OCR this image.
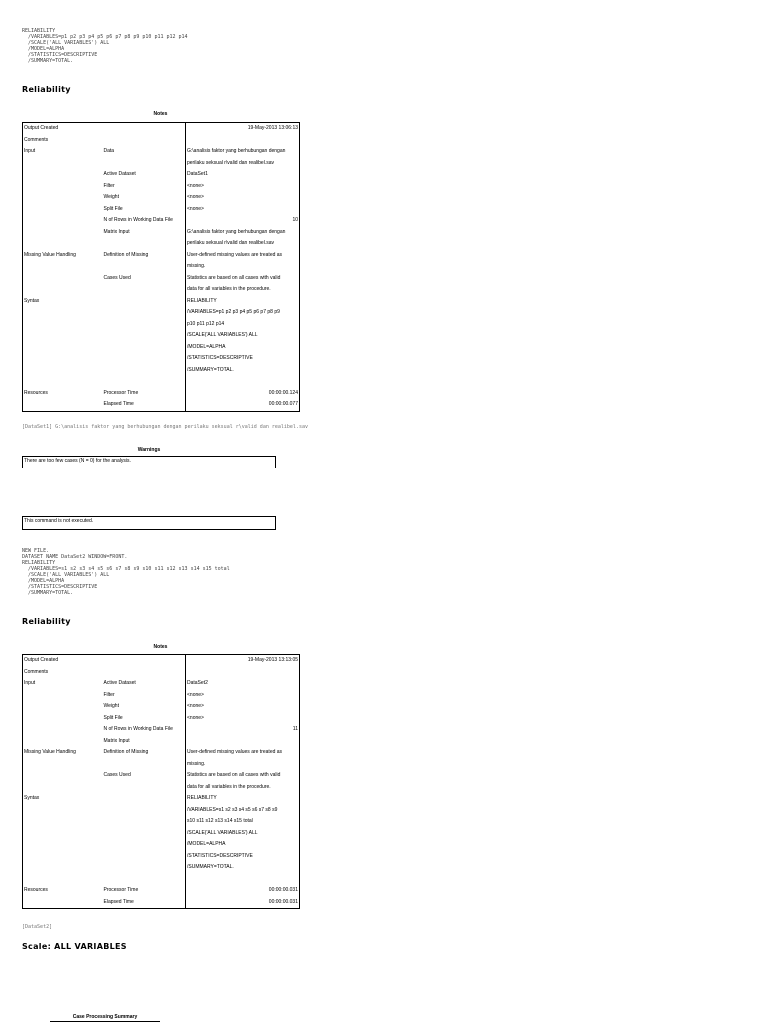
RELIABILITY
/VARIABLES=p1 p2 p3 p4 p5 p6 p7 p8 p9 p10 p11 p12 p14
/SCALE('ALL VARIABLES') ALL
/MODEL=ALPHA
/STATISTICS=DESCRIPTIVE
/SUMMARY=TOTAL.
Reliability
Notes
Output Created		19-May-2013 13:06:13
Comments		
Input	Data	G:\analisis faktor yang berhubungan dengan
		perilaku seksual r\valid dan realibel.sav
	Active Dataset	DataSet1
	Filter	<none>
	Weight	<none>
	Split File	<none>
	N of Rows in Working Data File	10
	Matrix Input	G:\analisis faktor yang berhubungan dengan
		perilaku seksual r\valid dan realibel.sav
Missing Value Handling	Definition of Missing	User-defined missing values are treated as
		missing.
	Cases Used	Statistics are based on all cases with valid
		data for all variables in the procedure.
Syntax		RELIABILITY
		/VARIABLES=p1 p2 p3 p4 p5 p6 p7 p8 p9
		p10 p11 p12 p14
		/SCALE('ALL VARIABLES') ALL
		/MODEL=ALPHA
		/STATISTICS=DESCRIPTIVE
		/SUMMARY=TOTAL.

Resources	Processor Time	00:00:00.124
	Elapsed Time	00:00:00.077
[DataSet1] G:\analisis faktor yang berhubungan dengan perilaku seksual r\valid dan realibel.sav
Warnings
There are too few cases (N = 0) for the analysis.
This command is not executed.
NEW FILE.
DATASET NAME DataSet2 WINDOW=FRONT.
RELIABILITY
/VARIABLES=s1 s2 s3 s4 s5 s6 s7 s8 s9 s10 s11 s12 s13 s14 s15 total
/SCALE('ALL VARIABLES') ALL
/MODEL=ALPHA
/STATISTICS=DESCRIPTIVE
/SUMMARY=TOTAL.
Reliability
Notes
Output Created		19-May-2013 13:13:05
Comments		
Input	Active Dataset	DataSet2
	Filter	<none>
	Weight	<none>
	Split File	<none>
	N of Rows in Working Data File	11
	Matrix Input	
Missing Value Handling	Definition of Missing	User-defined missing values are treated as
		missing.
	Cases Used	Statistics are based on all cases with valid
		data for all variables in the procedure.
Syntax		RELIABILITY
		/VARIABLES=s1 s2 s3 s4 s5 s6 s7 s8 s9
		s10 s11 s12 s13 s14 s15 total
		/SCALE('ALL VARIABLES') ALL
		/MODEL=ALPHA
		/STATISTICS=DESCRIPTIVE
		/SUMMARY=TOTAL.

Resources	Processor Time	00:00:00.031
	Elapsed Time	00:00:00.031
[DataSet2]
Scale: ALL VARIABLES
Case Processing Summary
